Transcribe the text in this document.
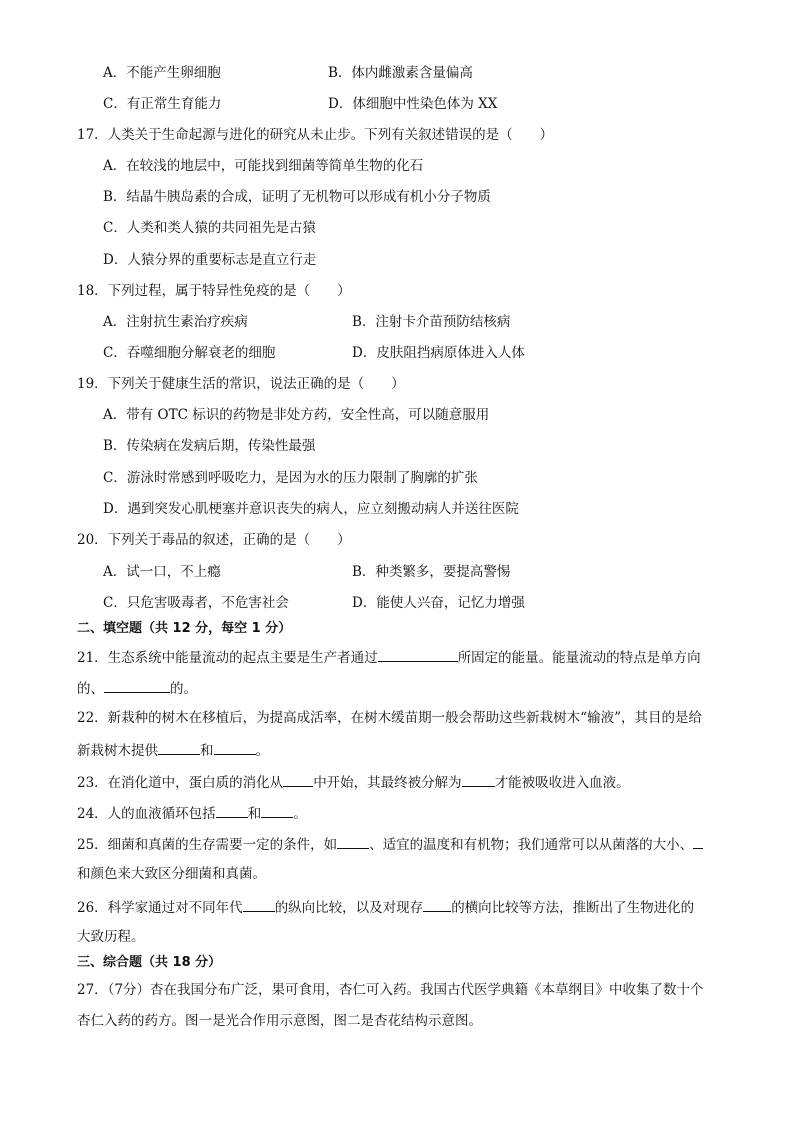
A．不能产生卵细胞	B．体内雌激素含量偏高
C．有正常生育能力	D．体细胞中性染色体为 XX
17．人类关于生命起源与进化的研究从未止步。下列有关叙述错误的是（　　）
A．在较浅的地层中，可能找到细菌等简单生物的化石
B．结晶牛胰岛素的合成，证明了无机物可以形成有机小分子物质
C．人类和类人猿的共同祖先是古猿
D．人猿分界的重要标志是直立行走
18．下列过程，属于特异性免疫的是（　　）
A．注射抗生素治疗疾病	B．注射卡介苗预防结核病
C．吞噬细胞分解衰老的细胞	D．皮肤阻挡病原体进入人体
19．下列关于健康生活的常识，说法正确的是（　　）
A．带有 OTC 标识的药物是非处方药，安全性高，可以随意服用
B．传染病在发病后期，传染性最强
C．游泳时常感到呼吸吃力，是因为水的压力限制了胸廓的扩张
D．遇到突发心肌梗塞并意识丧失的病人，应立刻搬动病人并送往医院
20．下列关于毒品的叙述，正确的是（　　）
A．试一口，不上瘾	B．种类繁多，要提高警惕
C．只危害吸毒者，不危害社会	D．能使人兴奋，记忆力增强
二、填空题（共 12 分，每空 1 分）
21．生态系统中能量流动的起点主要是生产者通过	所固定的能量。能量流动的特点是单方向
的、	的。
22．新栽种的树木在移植后，为提高成活率，在树木缓苗期一般会帮助这些新栽树木“输液”，其目的是给
新栽树木提供	和	。
23．在消化道中，蛋白质的消化从 中开始，其最终被分解为 才能被吸收进入血液。
24．人的血液循环包括 和 。
25．细菌和真菌的生存需要一定的条件，如 、适宜的温度和有机物；我们通常可以从菌落的大小、
和颜色来大致区分细菌和真菌。
26．科学家通过对不同年代 的纵向比较，以及对现存 的横向比较等方法，推断出了生物进化的
大致历程。
三、综合题（共 18 分）
27．（7分）杏在我国分布广泛，果可食用，杏仁可入药。我国古代医学典籍《本草纲目》中收集了数十个
杏仁入药的药方。图一是光合作用示意图，图二是杏花结构示意图。
